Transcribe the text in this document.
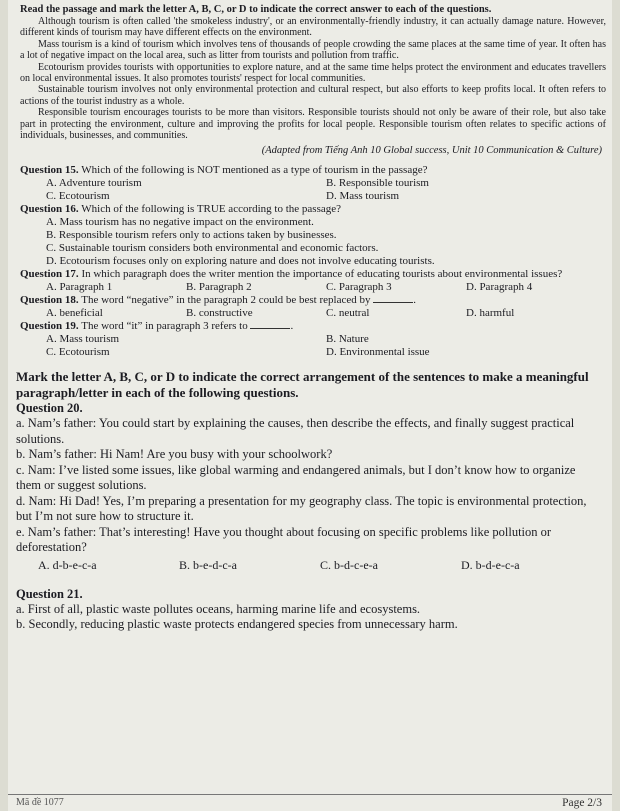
Read the passage and mark the letter A, B, C, or D to indicate the correct answer to each of the questions.

Although tourism is often called 'the smokeless industry', or an environmentally-friendly industry, it can actually damage nature. However, different kinds of tourism may have different effects on the environment.

Mass tourism is a kind of tourism which involves tens of thousands of people crowding the same places at the same time of year. It often has a lot of negative impact on the local area, such as litter from tourists and pollution from traffic.

Ecotourism provides tourists with opportunities to explore nature, and at the same time helps protect the environment and educates travellers on local environmental issues. It also promotes tourists' respect for local communities.

Sustainable tourism involves not only environmental protection and cultural respect, but also efforts to keep profits local. It often refers to actions of the tourist industry as a whole.

Responsible tourism encourages tourists to be more than visitors. Responsible tourists should not only be aware of their role, but also take part in protecting the environment, culture and improving the profits for local people. Responsible tourism often relates to specific actions of individuals, businesses, and communities.

(Adapted from Tiếng Anh 10 Global success, Unit 10 Communication & Culture)

Question 15. Which of the following is NOT mentioned as a type of tourism in the passage?

A. Adventure tourism	B. Responsible tourism
C. Ecotourism	D. Mass tourism

Question 16. Which of the following is TRUE according to the passage?

A. Mass tourism has no negative impact on the environment.

B. Responsible tourism refers only to actions taken by businesses.

C. Sustainable tourism considers both environmental and economic factors.

D. Ecotourism focuses only on exploring nature and does not involve educating tourists.

Question 17. In which paragraph does the writer mention the importance of educating tourists about environmental issues?

A. Paragraph 1	B. Paragraph 2	C. Paragraph 3	D. Paragraph 4

Question 18. The word “negative” in the paragraph 2 could be best replaced by	.

A. beneficial	B. constructive	C. neutral	D. harmful

Question 19. The word “it” in paragraph 3 refers to	.

A. Mass tourism	B. Nature
C. Ecotourism	D. Environmental issue

Mark the letter A, B, C, or D to indicate the correct arrangement of the sentences to make a meaningful paragraph/letter in each of the following questions.

Question 20.

a. Nam’s father: You could start by explaining the causes, then describe the effects, and finally suggest practical solutions.

b. Nam’s father: Hi Nam! Are you busy with your schoolwork?

c. Nam: I’ve listed some issues, like global warming and endangered animals, but I don’t know how to organize them or suggest solutions.

d. Nam: Hi Dad! Yes, I’m preparing a presentation for my geography class. The topic is environmental protection, but I’m not sure how to structure it.

e. Nam’s father: That’s interesting! Have you thought about focusing on specific problems like pollution or deforestation?

A. d-b-e-c-a	B. b-e-d-c-a	C. b-d-c-e-a	D. b-d-e-c-a

Question 21.

a. First of all, plastic waste pollutes oceans, harming marine life and ecosystems.

b. Secondly, reducing plastic waste protects endangered species from unnecessary harm.

Mã đề 1077	Page 2/3
